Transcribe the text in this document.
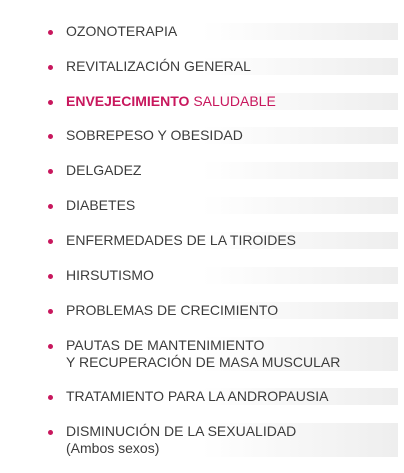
OZONOTERAPIA
REVITALIZACIÓN GENERAL
ENVEJECIMIENTO SALUDABLE
SOBREPESO Y OBESIDAD
DELGADEZ
DIABETES
ENFERMEDADES DE LA TIROIDES
HIRSUTISMO
PROBLEMAS DE CRECIMIENTO
PAUTAS DE MANTENIMIENTO
Y RECUPERACIÓN DE MASA MUSCULAR
TRATAMIENTO PARA LA ANDROPAUSIA
DISMINUCIÓN DE LA SEXUALIDAD
(Ambos sexos)
